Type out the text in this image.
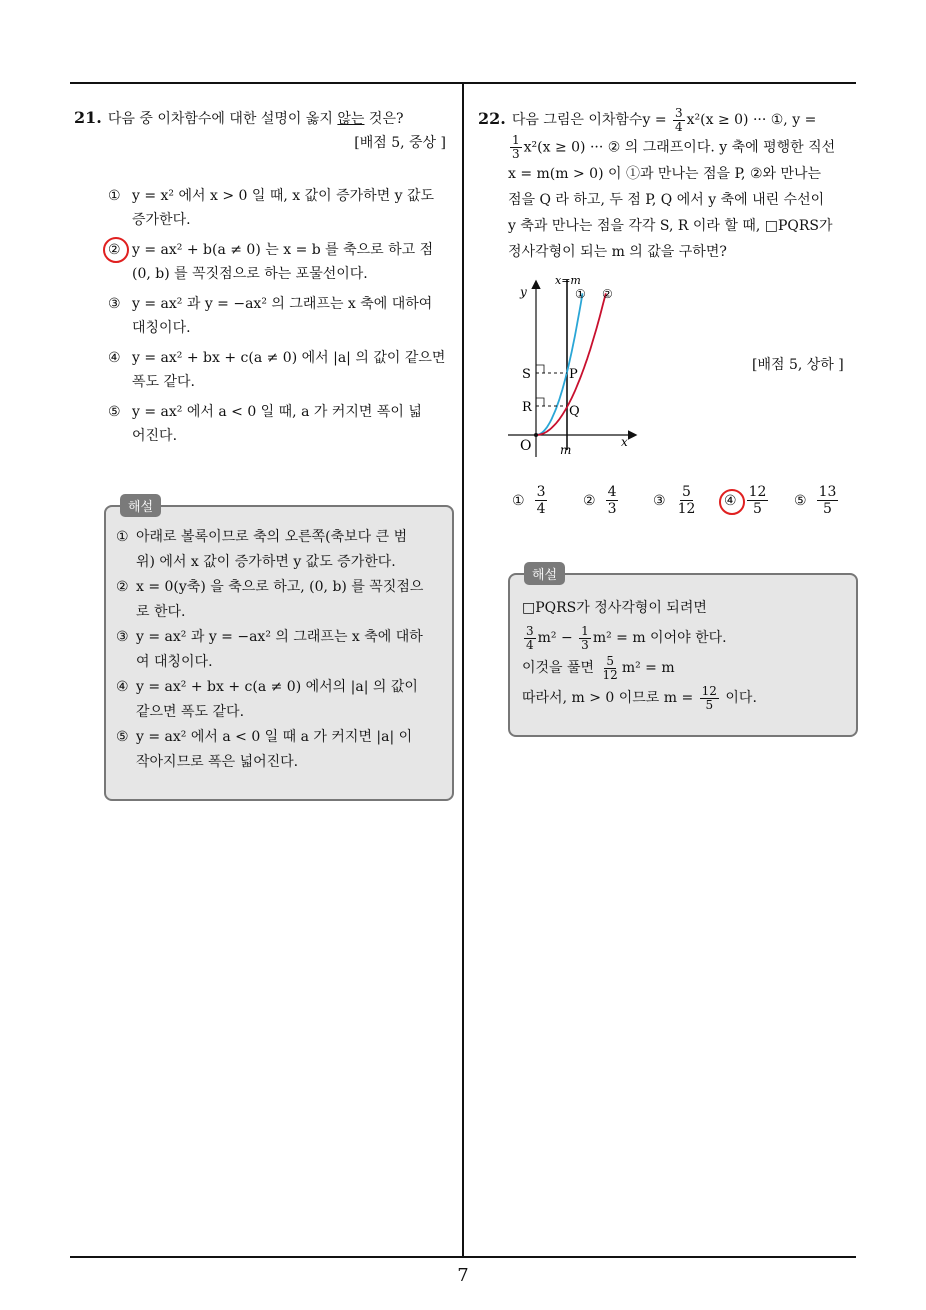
21. 다음 중 이차함수에 대한 설명이 옳지 않는 것은?
[배점 5, 중상 ]
① y = x² 에서 x > 0 일 때, x 값이 증가하면 y 값도
증가한다.
② y = ax² + b(a ≠ 0) 는 x = b 를 축으로 하고 점
(0, b) 를 꼭짓점으로 하는 포물선이다.
③ y = ax² 과 y = −ax² 의 그래프는 x 축에 대하여
대칭이다.
④ y = ax² + bx + c(a ≠ 0) 에서 |a| 의 값이 같으면
폭도 같다.
⑤ y = ax² 에서 a < 0 일 때, a 가 커지면 폭이 넓
어진다.
해설
① 아래로 볼록이므로 축의 오른쪽(축보다 큰 범
위) 에서 x 값이 증가하면 y 값도 증가한다.
② x = 0(y축) 을 축으로 하고, (0, b) 를 꼭짓점으
로 한다.
③ y = ax² 과 y = −ax² 의 그래프는 x 축에 대하
여 대칭이다.
④ y = ax² + bx + c(a ≠ 0) 에서의 |a| 의 값이
같으면 폭도 같다.
⑤ y = ax² 에서 a < 0 일 때 a 가 커지면 |a| 이
작아지므로 폭은 넓어진다.
22. 다음 그림은 이차함수$y = \frac{3}{4} x^2(x \ge 0)$ ··· ①, y =
$\frac{1}{3} x^2(x \ge 0)$ ··· ② 의 그래프이다. y 축에 평행한 직선
x = m(m > 0) 이 ①과 만나는 점을 P, ②와 만나는
점을 Q 라 하고, 두 점 P, Q 에서 y 축에 내린 수선이
y 축과 만나는 점을 각각 S, R 이라 할 때, □PQRS가
정사각형이 되는 m 의 값을 구하면?
x=m
y	① ②
S	P
R	Q
O m
x
[배점 5, 상하 ]
① $\frac{3}{4}$	② $\frac{4}{3}$ ③ $\frac{5}{12}$ ④ $\frac{12}{5}$ ⑤ $\frac{13}{5}$
해설
□PQRS가 정사각형이 되려면
$\frac{3}{4} m^2 - \frac{1}{3} m^2 = m$ 이어야 한다.
이것을 풀면 $\frac{5}{12} m^2 = m$
따라서, m > 0 이므로 $m = \frac{12}{5}$ 이다.
7
